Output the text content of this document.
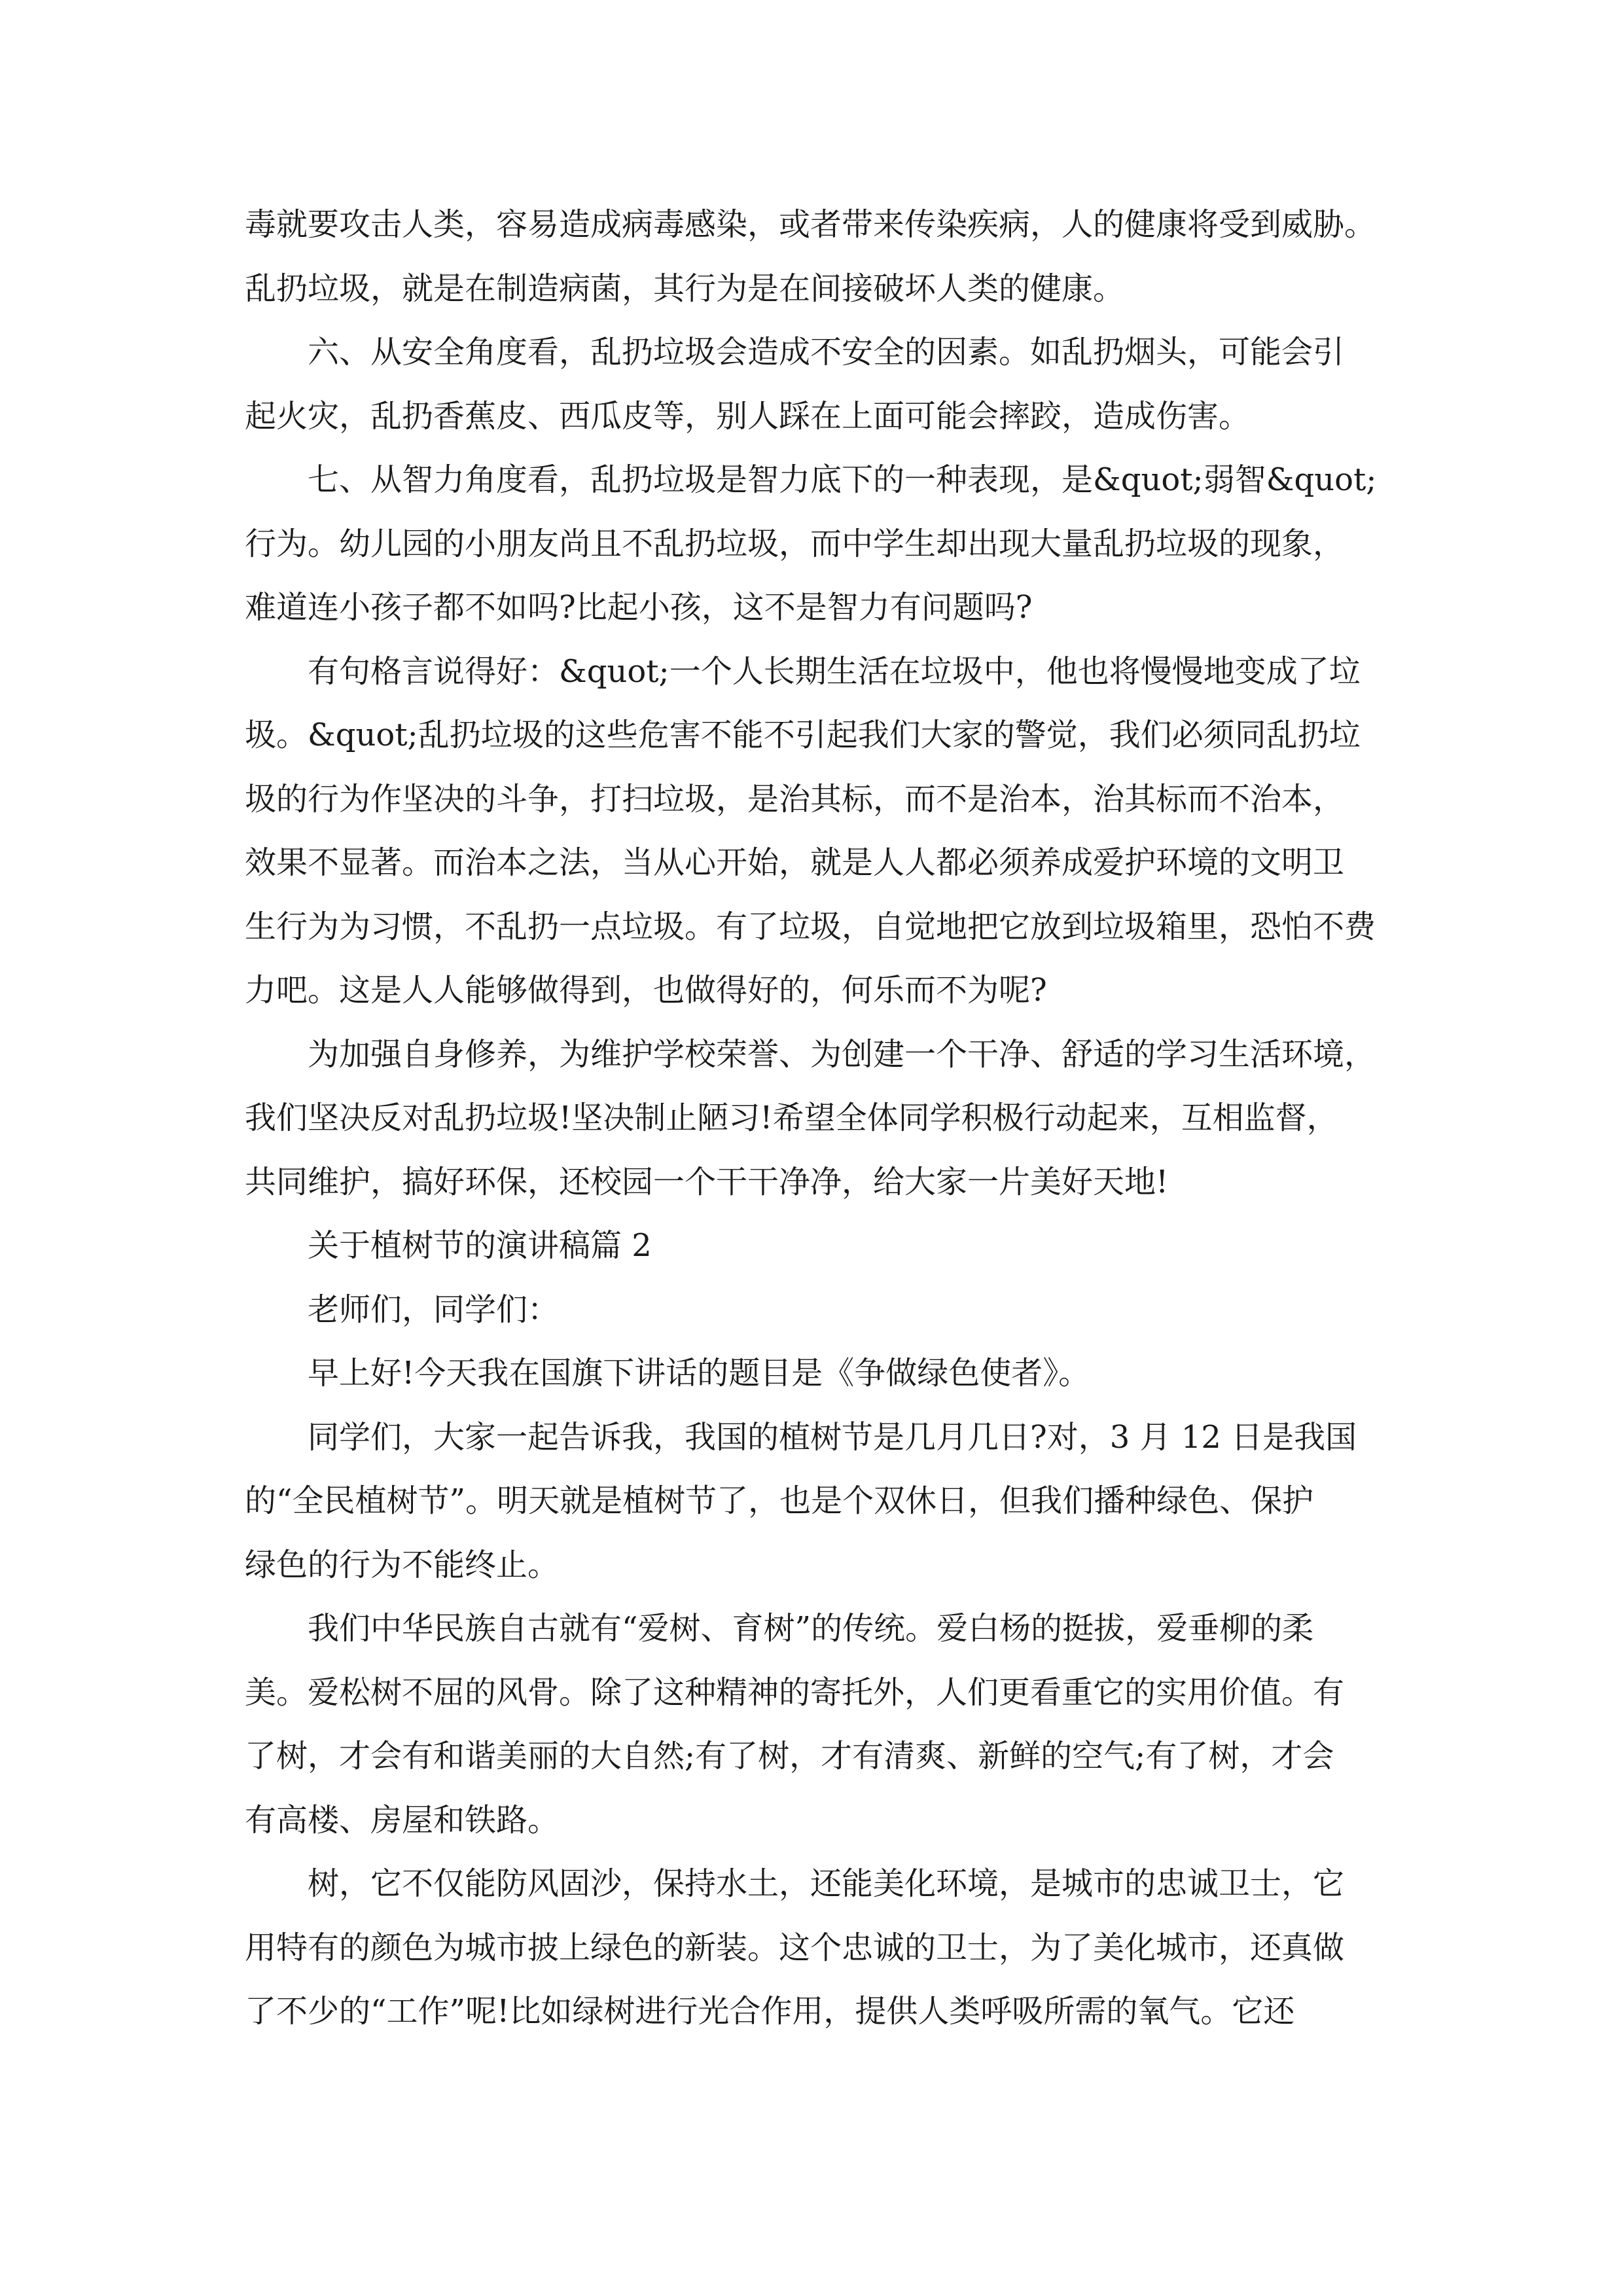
毒就要攻击人类，容易造成病毒感染，或者带来传染疾病，人的健康将受到威胁。
乱扔垃圾，就是在制造病菌，其行为是在间接破坏人类的健康。
六、从安全角度看，乱扔垃圾会造成不安全的因素。如乱扔烟头，可能会引
起火灾，乱扔香蕉皮、西瓜皮等，别人踩在上面可能会摔跤，造成伤害。
七、从智力角度看，乱扔垃圾是智力底下的一种表现，是&quot;弱智&quot;
行为。幼儿园的小朋友尚且不乱扔垃圾，而中学生却出现大量乱扔垃圾的现象，
难道连小孩子都不如吗?比起小孩，这不是智力有问题吗?
有句格言说得好：&quot;一个人长期生活在垃圾中，他也将慢慢地变成了垃
圾。&quot;乱扔垃圾的这些危害不能不引起我们大家的警觉，我们必须同乱扔垃
圾的行为作坚决的斗争，打扫垃圾，是治其标，而不是治本，治其标而不治本，
效果不显著。而治本之法，当从心开始，就是人人都必须养成爱护环境的文明卫
生行为为习惯，不乱扔一点垃圾。有了垃圾，自觉地把它放到垃圾箱里，恐怕不费
力吧。这是人人能够做得到，也做得好的，何乐而不为呢?
为加强自身修养，为维护学校荣誉、为创建一个干净、舒适的学习生活环境，
我们坚决反对乱扔垃圾!坚决制止陋习!希望全体同学积极行动起来，互相监督，
共同维护，搞好环保，还校园一个干干净净，给大家一片美好天地!
关于植树节的演讲稿篇 2
老师们，同学们：
早上好!今天我在国旗下讲话的题目是《争做绿色使者》。
同学们，大家一起告诉我，我国的植树节是几月几日?对，3 月 12 日是我国
的“全民植树节”。明天就是植树节了，也是个双休日，但我们播种绿色、保护
绿色的行为不能终止。
我们中华民族自古就有“爱树、育树”的传统。爱白杨的挺拔，爱垂柳的柔
美。爱松树不屈的风骨。除了这种精神的寄托外，人们更看重它的实用价值。有
了树，才会有和谐美丽的大自然;有了树，才有清爽、新鲜的空气;有了树，才会
有高楼、房屋和铁路。
树，它不仅能防风固沙，保持水土，还能美化环境，是城市的忠诚卫士，它
用特有的颜色为城市披上绿色的新装。这个忠诚的卫士，为了美化城市，还真做
了不少的“工作”呢!比如绿树进行光合作用，提供人类呼吸所需的氧气。它还
